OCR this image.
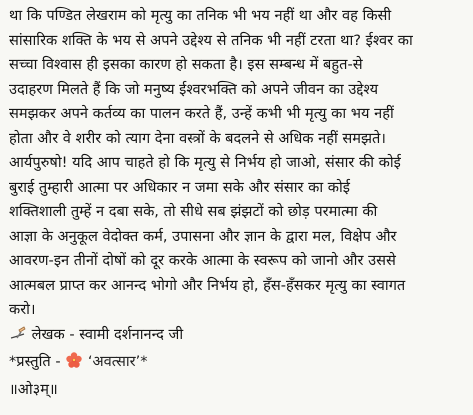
था कि पण्डित लेखराम को मृत्यु का तनिक भी भय नहीं था और वह किसी
सांसारिक शक्ति के भय से अपने उद्देश्य से तनिक भी नहीं टरता था? ईश्वर का
सच्चा विश्वास ही इसका कारण हो सकता है। इस सम्बन्ध में बहुत-से
उदाहरण मिलते हैं कि जो मनुष्य ईश्वरभक्ति को अपने जीवन का उद्देश्य
समझकर अपने कर्तव्य का पालन करते हैं, उन्हें कभी भी मृत्यु का भय नहीं
होता और वे शरीर को त्याग देना वस्त्रों के बदलने से अधिक नहीं समझते।
आर्यपुरुषो! यदि आप चाहते हो कि मृत्यु से निर्भय हो जाओ, संसार की कोई
बुराई तुम्हारी आत्मा पर अधिकार न जमा सके और संसार का कोई
शक्तिशाली तुम्हें न दबा सके, तो सीधे सब झंझटों को छोड़ परमात्मा की
आज्ञा के अनुकूल वेदोक्त कर्म, उपासना और ज्ञान के द्वारा मल, विक्षेप और
आवरण-इन तीनों दोषों को दूर करके आत्मा के स्वरूप को जानो और उससे
आत्मबल प्राप्त कर आनन्द भोगो और निर्भय हो, हँस-हँसकर मृत्यु का स्वागत
करो।
लेखक - स्वामी दर्शनानन्द जी
*प्रस्तुति - ‘अवत्सार’*
॥ओ३म्॥
